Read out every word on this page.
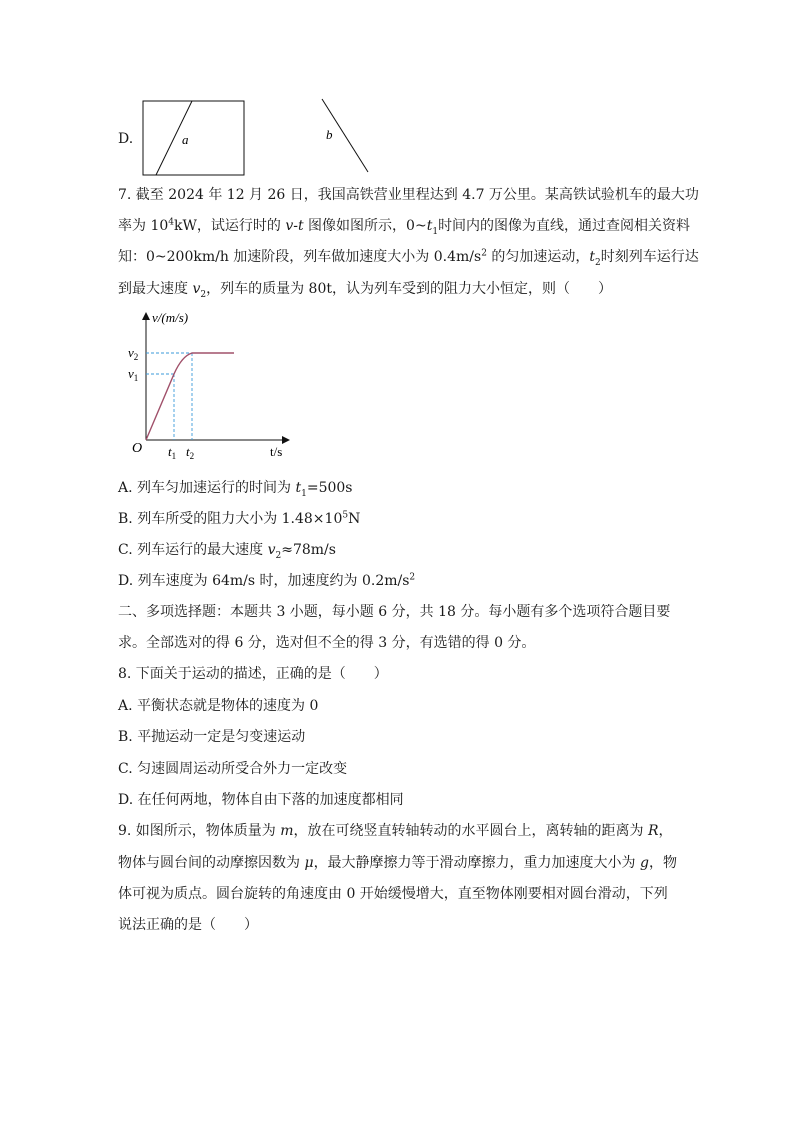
D.	a	b
7. 截至 2024 年 12 月 26 日，我国高铁营业里程达到 4.7 万公里。某高铁试验机车的最大功
率为 $10^4kW$，试运行时的 v-t 图像如图所示，$0\sim t_1$时间内的图像为直线，通过查阅相关资料
知：0~200km/h 加速阶段，列车做加速度大小为 $0.4m/s^2$ 的匀加速运动，$t_2$时刻列车运行达
到最大速度 $v_2$，列车的质量为 80t，认为列车受到的阻力大小恒定，则（　　）
v/(m/s)
t/s
O
$v_2$
$v_1$
$t_1$ $t_2$
A. 列车匀加速运行的时间为 $t_1=500s$
B. 列车所受的阻力大小为 $1.48\times 10^5N$
C. 列车运行的最大速度 $v_2\approx 78m/s$
D. 列车速度为 64m/s 时，加速度约为 $0.2m/s^2$
二、多项选择题：本题共 3 小题，每小题 6 分，共 18 分。每小题有多个选项符合题目要
求。全部选对的得 6 分，选对但不全的得 3 分，有选错的得 0 分。
8. 下面关于运动的描述，正确的是（　　）
A. 平衡状态就是物体的速度为 0
B. 平抛运动一定是匀变速运动
C. 匀速圆周运动所受合外力一定改变
D. 在任何两地，物体自由下落的加速度都相同
9. 如图所示，物体质量为 m，放在可绕竖直转轴转动的水平圆台上，离转轴的距离为 R，
物体与圆台间的动摩擦因数为 μ，最大静摩擦力等于滑动摩擦力，重力加速度大小为 g，物
体可视为质点。圆台旋转的角速度由 0 开始缓慢增大，直至物体刚要相对圆台滑动，下列
说法正确的是（　　）
